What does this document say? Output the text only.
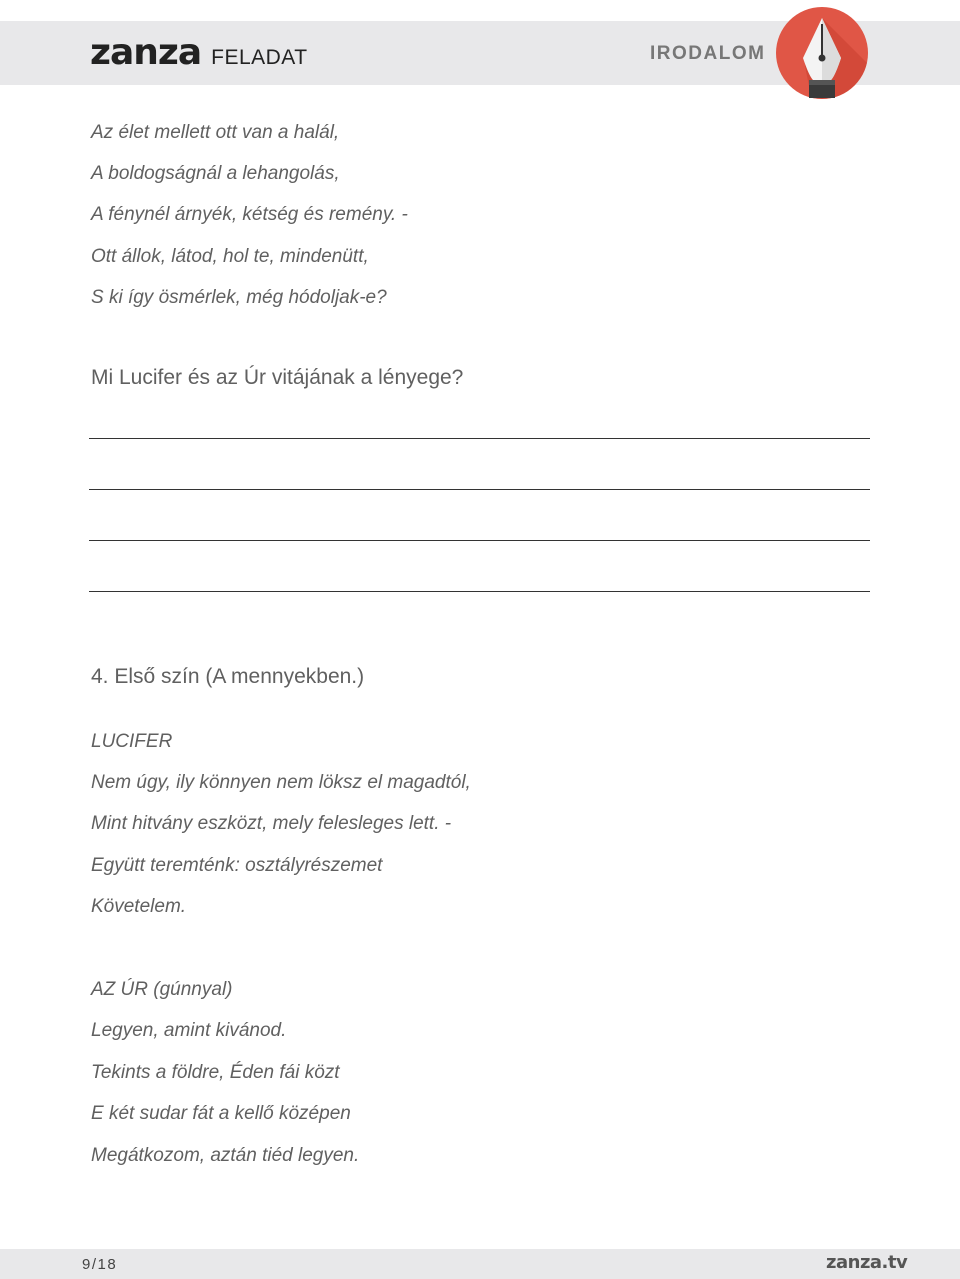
zanza FELADAT	IRODALOM

Az élet mellett ott van a halál,

A boldogságnál a lehangolás,

A fénynél árnyék, kétség és remény. -

Ott állok, látod, hol te, mindenütt,

S ki így ösmérlek, még hódoljak-e?

Mi Lucifer és az Úr vitájának a lényege?

4. Első szín (A mennyekben.)

LUCIFER

Nem úgy, ily könnyen nem löksz el magadtól,

Mint hitvány eszközt, mely felesleges lett. -

Együtt teremténk: osztályrészemet

Követelem.

AZ ÚR (gúnnyal)

Legyen, amint kivánod.

Tekints a földre, Éden fái közt

E két sudar fát a kellő középen

Megátkozom, aztán tiéd legyen.

9/18	zanza.tv
